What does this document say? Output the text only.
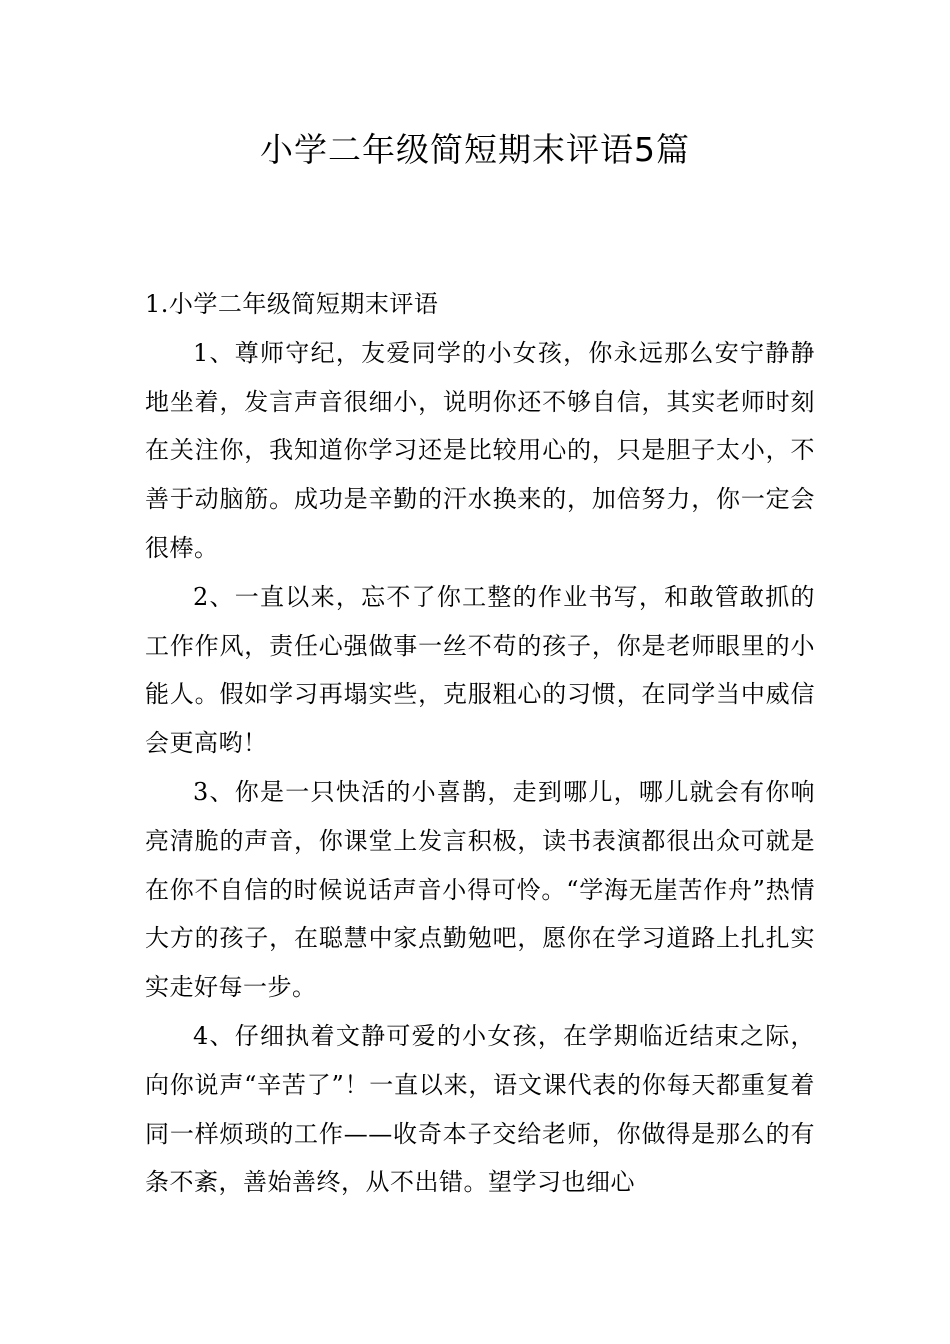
小学二年级简短期末评语5篇

1.小学二年级简短期末评语

1、尊师守纪，友爱同学的小女孩，你永远那么安宁静静地坐着，发言声音很细小，说明你还不够自信，其实老师时刻在关注你，我知道你学习还是比较用心的，只是胆子太小，不善于动脑筋。成功是辛勤的汗水换来的，加倍努力，你一定会很棒。

2、一直以来，忘不了你工整的作业书写，和敢管敢抓的工作作风，责任心强做事一丝不苟的孩子，你是老师眼里的小能人。假如学习再塌实些，克服粗心的习惯，在同学当中威信会更高哟！

3、你是一只快活的小喜鹊，走到哪儿，哪儿就会有你响亮清脆的声音，你课堂上发言积极，读书表演都很出众可就是在你不自信的时候说话声音小得可怜。“学海无崖苦作舟”热情大方的孩子，在聪慧中家点勤勉吧，愿你在学习道路上扎扎实实走好每一步。

4、仔细执着文静可爱的小女孩，在学期临近结束之际，向你说声“辛苦了”！一直以来，语文课代表的你每天都重复着同一样烦琐的工作——收奇本子交给老师，你做得是那么的有条不紊，善始善终，从不出错。望学习也细心
